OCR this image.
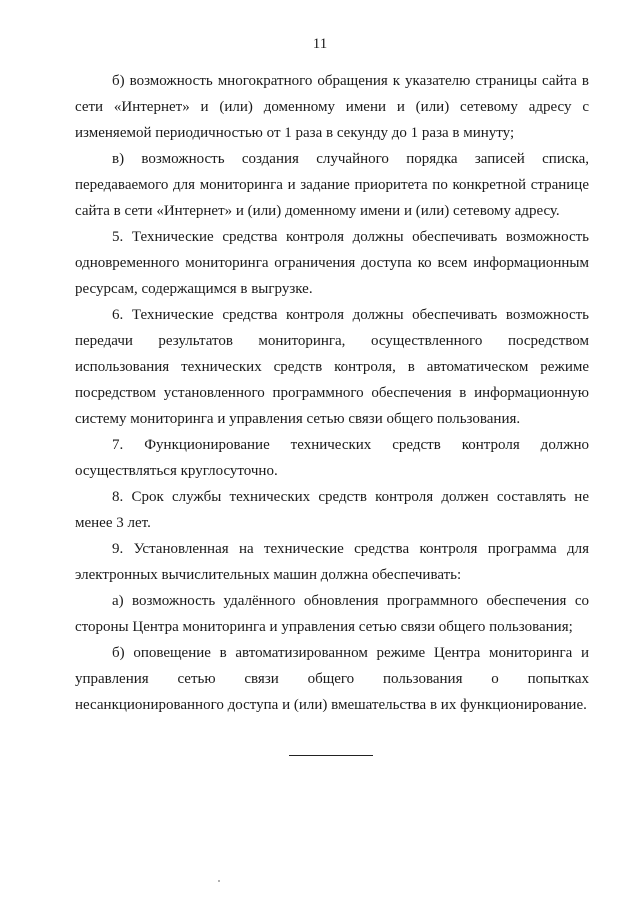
11

б) возможность многократного обращения к указателю страницы сайта в сети «Интернет» и (или) доменному имени и (или) сетевому адресу с изменяемой периодичностью от 1 раза в секунду до 1 раза в минуту;

в) возможность создания случайного порядка записей списка, передаваемого для мониторинга и задание приоритета по конкретной странице сайта в сети «Интернет» и (или) доменному имени и (или) сетевому адресу.

5. Технические средства контроля должны обеспечивать возможность одновременного мониторинга ограничения доступа ко всем информационным ресурсам, содержащимся в выгрузке.

6. Технические средства контроля должны обеспечивать возможность передачи результатов мониторинга, осуществленного посредством использования технических средств контроля, в автоматическом режиме посредством установленного программного обеспечения в информационную систему мониторинга и управления сетью связи общего пользования.

7. Функционирование технических средств контроля должно осуществляться круглосуточно.

8. Срок службы технических средств контроля должен составлять не менее 3 лет.

9. Установленная на технические средства контроля программа для электронных вычислительных машин должна обеспечивать:

а) возможность удалённого обновления программного обеспечения со стороны Центра мониторинга и управления сетью связи общего пользования;

б) оповещение в автоматизированном режиме Центра мониторинга и управления сетью связи общего пользования о попытках несанкционированного доступа и (или) вмешательства в их функционирование.
